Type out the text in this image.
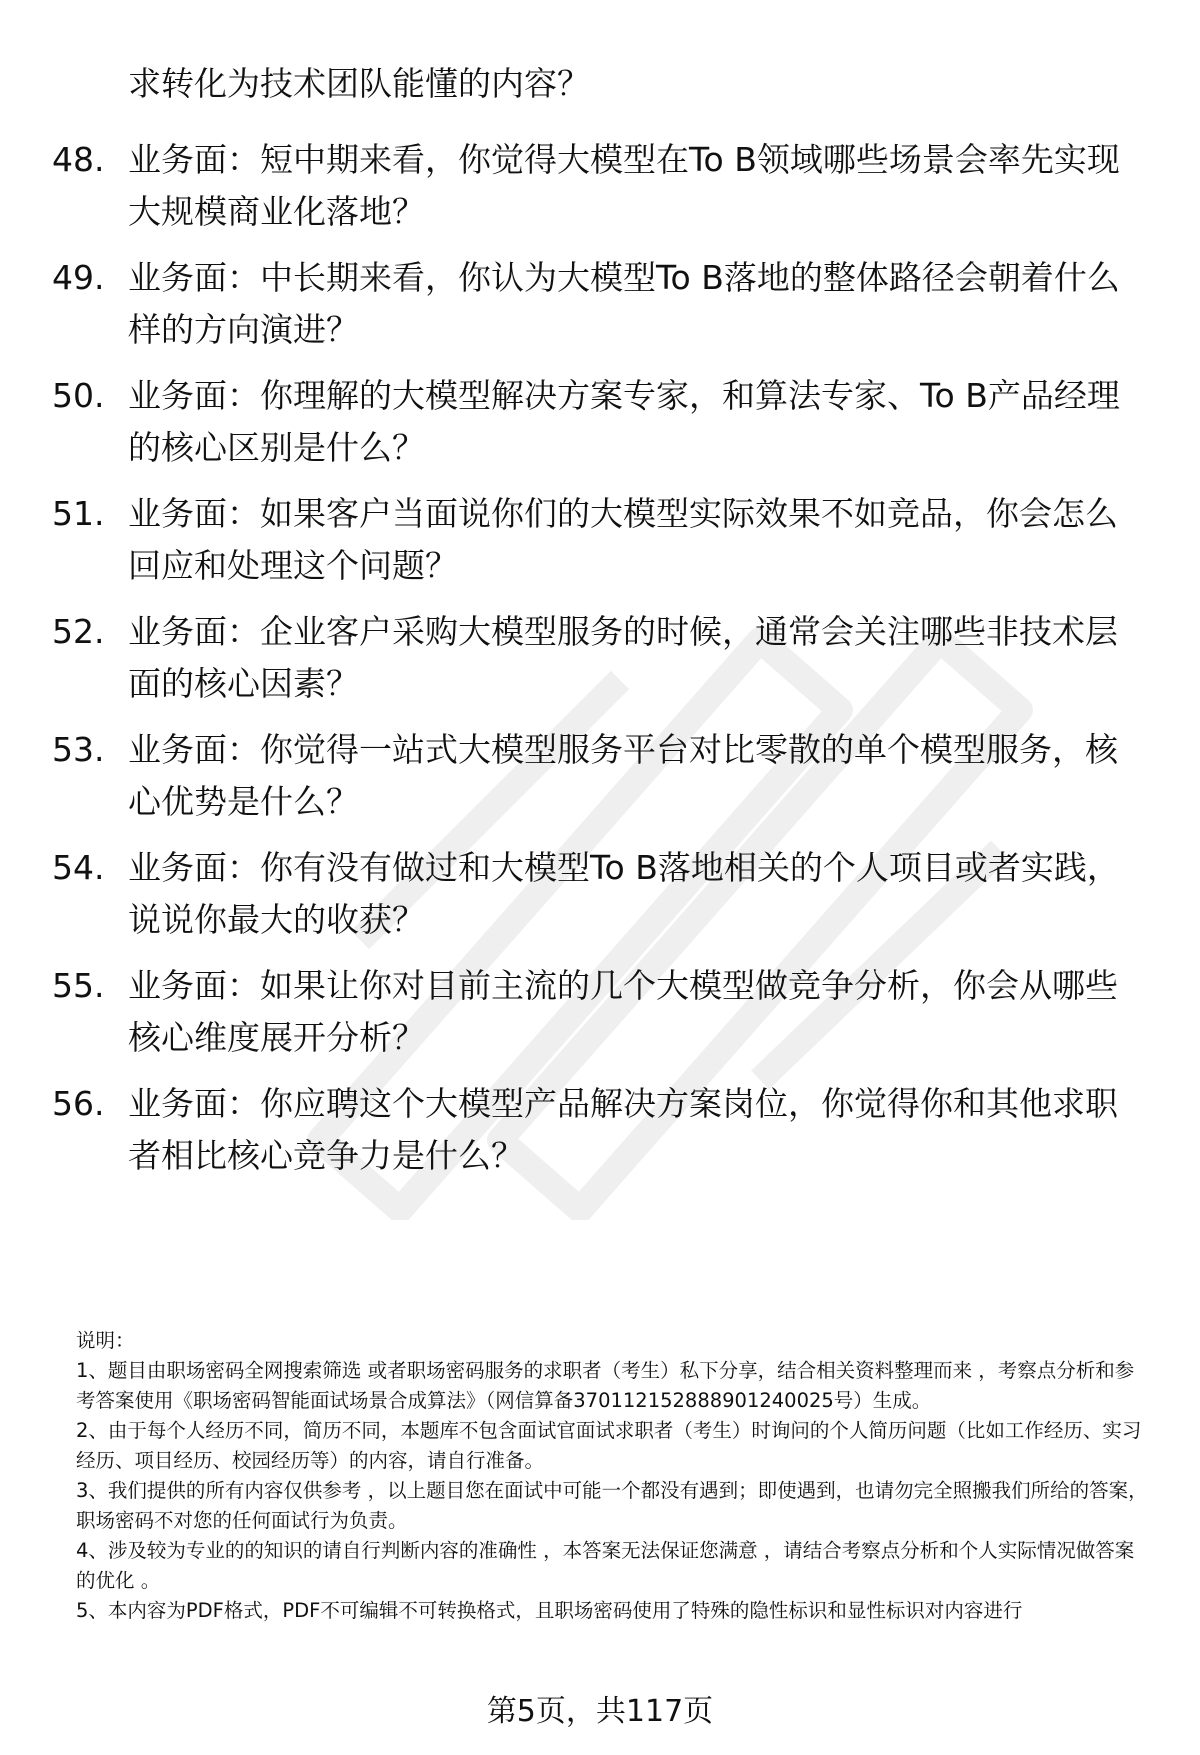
求转化为技术团队能懂的内容？
48. 业务面：短中期来看，你觉得大模型在To B领域哪些场景会率先实现大规模商业化落地？
49. 业务面：中长期来看，你认为大模型To B落地的整体路径会朝着什么样的方向演进？
50. 业务面：你理解的大模型解决方案专家，和算法专家、To B产品经理的核心区别是什么？
51. 业务面：如果客户当面说你们的大模型实际效果不如竞品，你会怎么回应和处理这个问题？
52. 业务面：企业客户采购大模型服务的时候，通常会关注哪些非技术层面的核心因素？
53. 业务面：你觉得一站式大模型服务平台对比零散的单个模型服务，核心优势是什么？
54. 业务面：你有没有做过和大模型To B落地相关的个人项目或者实践，说说你最大的收获？
55. 业务面：如果让你对目前主流的几个大模型做竞争分析，你会从哪些核心维度展开分析？
56. 业务面：你应聘这个大模型产品解决方案岗位，你觉得你和其他求职者相比核心竞争力是什么？

说明：

1、题目由职场密码全网搜索筛选 或者职场密码服务的求职者（考生）私下分享，结合相关资料整理而来 ，考察点分析和参考答案使用《职场密码智能面试场景合成算法》（网信算备370112152888901240025号）生成。

2、由于每个人经历不同，简历不同，本题库不包含面试官面试求职者（考生）时询问的个人简历问题（比如工作经历、实习经历、项目经历、校园经历等）的内容，请自行准备。

3、我们提供的所有内容仅供参考 ，以上题目您在面试中可能一个都没有遇到；即使遇到，也请勿完全照搬我们所给的答案，职场密码不对您的任何面试行为负责。

4、涉及较为专业的的知识的请自行判断内容的准确性 ，本答案无法保证您满意 ，请结合考察点分析和个人实际情况做答案的优化 。

5、本内容为PDF格式，PDF不可编辑不可转换格式，且职场密码使用了特殊的隐性标识和显性标识对内容进行

第5页，共117页
